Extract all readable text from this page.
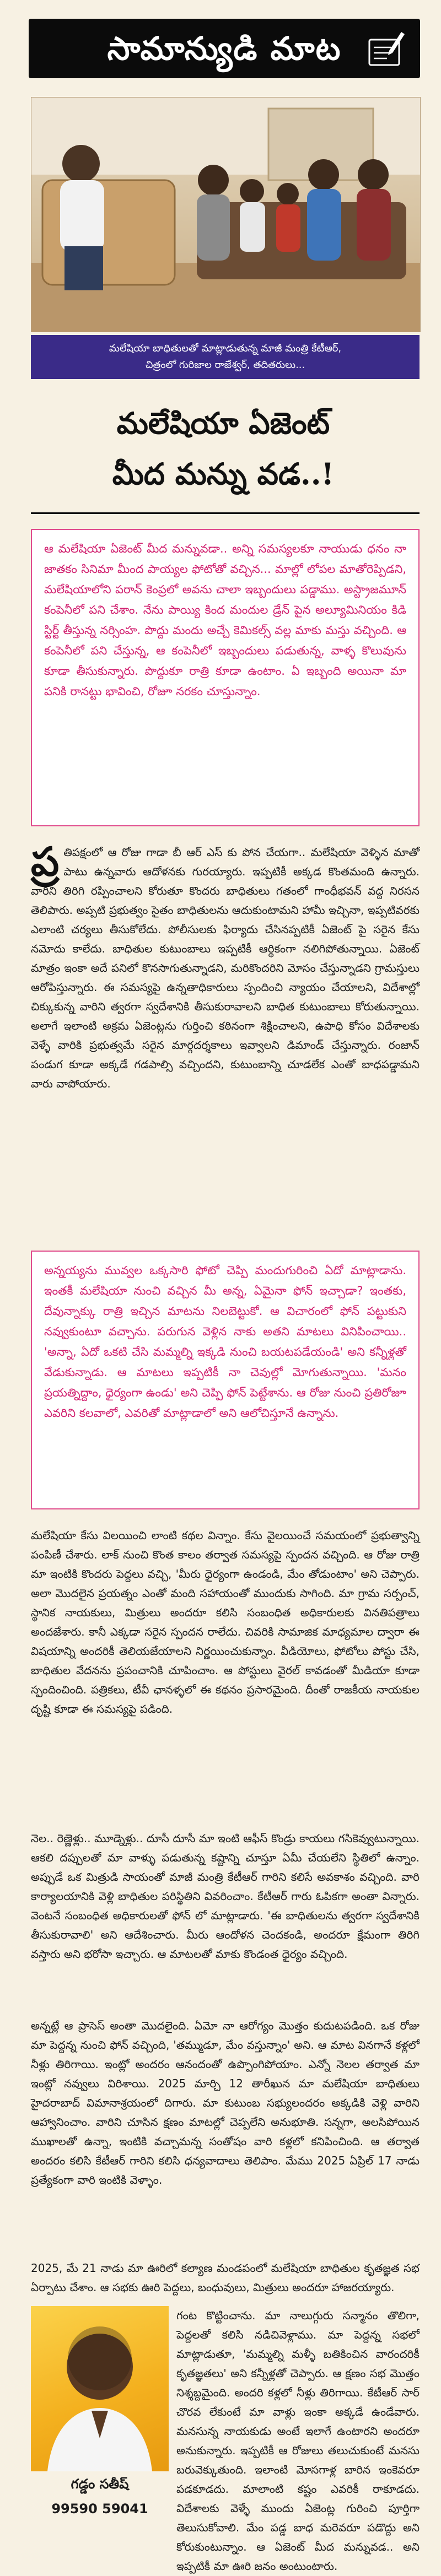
సామాన్యుడి మాట
మలేషియా బాధితులతో మాట్లాడుతున్న మాజీ మంత్రి కేటీఆర్,
చిత్రంలో గురిజాల రాజేశ్వర్, తదితరులు...
మలేషియా ఏజెంట్
మీద మన్ను వడ..!

ఆ మలేషియా ఏజెంట్ మీద మన్నువడా.. అన్ని సమస్యలకూ నాయుడు ధనం నా జాతకం సినిమా మీంద పాయ్యల ఫోటోతో వచ్చిన... మాల్లో లోపల మాతోరెప్పిడని, మలేషియాలోని పరాన్ కెంప్రలో అవను చాలా ఇబ్బందులు పడ్డాము. అస్ట్రాజమూన్ కంపెనీలో పని చేశాం. నేను పాయ్యి కింద మందుల డ్రేన్ పైన అల్యూమినియం కిడి స్టిర్ట్ తీస్తున్న నర్సింహ. పొద్దు మందు అచ్చే కెమికల్స్ వల్ల మాకు మస్తు వచ్చింది. ఆ కంపెనీలో పని చేస్తున్న, ఆ కంపెనీలో ఇబ్బందులు పడుతున్న, వాళ్ళ కొలువును కూడా తీసుకున్నారు. పొద్దుకూ రాత్రి కూడా ఉంటాం. ఏ ఇబ్బంది అయినా మా పనికి రానట్టు భావించి, రోజూ నరకం చూస్తున్నాం.

ప్ర తిపక్షంలో ఆ రోజు గాడా బీ ఆర్ ఎస్ కు పోన చేయగా.. మలేషియా వెళ్ళిన మాతో పాటు ఉన్నవారు ఆదోళనకు గురయ్యారు. ఇప్పటికీ అక్కడ కొంతమంది ఉన్నారు. వారిని తిరిగి రప్పించాలని కోరుతూ కొందరు బాధితులు గతంలో గాంధీభవన్ వద్ద నిరసన తెలిపారు. అప్పటి ప్రభుత్వం సైతం బాధితులను ఆదుకుంటామని హామీ ఇచ్చినా, ఇప్పటివరకు ఎలాంటి చర్యలు తీసుకోలేదు. పోలీసులకు ఫిర్యాదు చేసినప్పటికీ ఏజెంట్ పై సరైన కేసు నమోదు కాలేదు. బాధితుల కుటుంబాలు ఇప్పటికీ ఆర్థికంగా నలిగిపోతున్నాయి. ఏజెంట్ మాత్రం ఇంకా అదే పనిలో కొనసాగుతున్నాడని, మరికొందరిని మోసం చేస్తున్నాడని గ్రామస్తులు ఆరోపిస్తున్నారు. ఈ సమస్యపై ఉన్నతాధికారులు స్పందించి న్యాయం చేయాలని, విదేశాల్లో చిక్కుకున్న వారిని త్వరగా స్వదేశానికి తీసుకురావాలని బాధిత కుటుంబాలు కోరుతున్నాయి. అలాగే ఇలాంటి అక్రమ ఏజెంట్లను గుర్తించి కఠినంగా శిక్షించాలని, ఉపాధి కోసం విదేశాలకు వెళ్ళే వారికి ప్రభుత్వమే సరైన మార్గదర్శకాలు ఇవ్వాలని డిమాండ్ చేస్తున్నారు. రంజాన్ పండుగ కూడా అక్కడే గడపాల్సి వచ్చిందని, కుటుంబాన్ని చూడలేక ఎంతో బాధపడ్డామని వారు వాపోయారు.

అన్నయ్యను మువ్వల ఒక్కసారి ఫోటో చెప్పి మందుగురించి ఏదో మాట్లాడాను. ఇంతకీ మలేషియా నుంచి వచ్చిన మీ అన్న, ఏమైనా ఫోన్ ఇచ్చాడా? ఇంతకు, దేవున్నాక్కు రాత్రి ఇచ్చిన మాటను నిలబెట్టుకో. ఆ విచారంలో ఫోన్ పట్టుకుని నవ్వుకుంటూ వచ్చాను. పరుగున వెళ్లిన నాకు అతని మాటలు వినిపించాయి.. 'అన్నా, ఏదో ఒకటి చేసి మమ్మల్ని ఇక్కడి నుంచి బయటపడేయండి' అని కన్నీళ్లతో వేడుకున్నాడు. ఆ మాటలు ఇప్పటికీ నా చెవుల్లో మోగుతున్నాయి. 'మనం ప్రయత్నిద్దాం, ధైర్యంగా ఉండు' అని చెప్పి ఫోన్ పెట్టేశాను. ఆ రోజు నుంచి ప్రతిరోజూ ఎవరిని కలవాలో, ఎవరితో మాట్లాడాలో అని ఆలోచిస్తూనే ఉన్నాను.

మలేషియా కేసు విలయించి లాంటి కథల విన్నాం. కేసు వైలయించే సమయంలో ప్రభుత్వాన్ని పంపిణీ చేశారు. లాక్ నుంచి కొంత కాలం తర్వాత సమస్యపై స్పందన వచ్చింది. ఆ రోజు రాత్రి మా ఇంటికి కొందరు పెద్దలు వచ్చి, 'మీరు ధైర్యంగా ఉండండి, మేం తోడుంటాం' అని చెప్పారు. అలా మొదలైన ప్రయత్నం ఎంతో మంది సహాయంతో ముందుకు సాగింది. మా గ్రామ సర్పంచ్, స్థానిక నాయకులు, మిత్రులు అందరూ కలిసి సంబంధిత అధికారులకు వినతిపత్రాలు అందజేశారు. కానీ ఎక్కడా సరైన స్పందన రాలేదు. చివరికి సామాజిక మాధ్యమాల ద్వారా ఈ విషయాన్ని అందరికీ తెలియజేయాలని నిర్ణయించుకున్నాం. వీడియోలు, ఫోటోలు పోస్టు చేసి, బాధితుల వేదనను ప్రపంచానికి చూపించాం. ఆ పోస్టులు వైరల్ కావడంతో మీడియా కూడా స్పందించింది. పత్రికలు, టీవీ ఛానళ్ళలో ఈ కథనం ప్రసారమైంది. దీంతో రాజకీయ నాయకుల దృష్టి కూడా ఈ సమస్యపై పడింది.

నెల.. రెణ్ణెళ్లు.. మూడ్నెళ్లు.. దూసీ దూసీ మా ఇంటి ఆఫీస్ కొండ్రు కాయలు గసికెవ్వుటున్నాయి. ఆకలి దప్పులతో మా వాళ్ళు పడుతున్న కష్టాన్ని చూస్తూ ఏమీ చేయలేని స్థితిలో ఉన్నాం. అప్పుడే ఒక మిత్రుడి సాయంతో మాజీ మంత్రి కేటీఆర్ గారిని కలిసే అవకాశం వచ్చింది. వారి కార్యాలయానికి వెళ్లి బాధితుల పరిస్థితిని వివరించాం. కేటీఆర్ గారు ఓపికగా అంతా విన్నారు. వెంటనే సంబంధిత అధికారులతో ఫోన్ లో మాట్లాడారు. 'ఈ బాధితులను త్వరగా స్వదేశానికి తీసుకురావాలి' అని ఆదేశించారు. మీరు ఆందోళన చెందకండి, అందరూ క్షేమంగా తిరిగి వస్తారు అని భరోసా ఇచ్చారు. ఆ మాటలతో మాకు కొండంత ధైర్యం వచ్చింది.

అన్నట్లే ఆ ప్రాసెస్ అంతా మొదలైంది. ఏమో నా ఆరోగ్యం మొత్తం కుదుటపడింది. ఒక రోజు మా పెద్దన్న నుంచి ఫోన్ వచ్చింది, 'తమ్ముడూ, మేం వస్తున్నాం' అని. ఆ మాట వినగానే కళ్లలో నీళ్లు తిరిగాయి. ఇంట్లో అందరం ఆనందంతో ఉప్పొంగిపోయాం. ఎన్నో నెలల తర్వాత మా ఇంట్లో నవ్వులు విరిశాయి. 2025 మార్చి 12 తారీఖున మా మలేషియా బాధితులు హైదరాబాద్ విమానాశ్రయంలో దిగారు. మా కుటుంబ సభ్యులందరం అక్కడికి వెళ్లి వారిని ఆహ్వానించాం. వారిని చూసిన క్షణం మాటల్లో చెప్పలేని అనుభూతి. సన్నగా, అలసిపోయిన ముఖాలతో ఉన్నా, ఇంటికి వచ్చామన్న సంతోషం వారి కళ్లలో కనిపించింది. ఆ తర్వాత అందరం కలిసి కేటీఆర్ గారిని కలిసి ధన్యవాదాలు తెలిపాం. మేము 2025 ఏప్రిల్ 17 నాడు ప్రత్యేకంగా వారి ఇంటికి వెళ్ళాం.

2025, మే 21 నాడు మా ఊరిలో కల్యాణ మండపంలో మలేషియా బాధితుల కృతజ్ఞత సభ ఏర్పాటు చేశాం. ఆ సభకు ఊరి పెద్దలు, బంధువులు, మిత్రులు అందరూ హాజరయ్యారు.

గడ్డం సతీష్
99590 59041

గంట కొట్టించాను. మా నాలుగ్గురు సన్మానం తొలిగా, పెద్దలతో కలిసి నడిచివెళ్లాము. మా పెద్దన్న సభలో మాట్లాడుతూ, 'మమ్మల్ని మళ్ళీ బతికించిన వారందరికీ కృతజ్ఞతలు' అని కన్నీళ్లతో చెప్పారు. ఆ క్షణం సభ మొత్తం నిశ్శబ్దమైంది. అందరి కళ్లలో నీళ్లు తిరిగాయి. కేటీఆర్ సార్ చొరవ లేకుంటే మా వాళ్లు ఇంకా అక్కడే ఉండేవారు. మనసున్న నాయకుడు అంటే ఇలాగే ఉంటారని అందరూ అనుకున్నారు. ఇప్పటికీ ఆ రోజులు తలుచుకుంటే మనసు బరువెక్కుతుంది. ఇలాంటి మోసగాళ్ల బారిన ఇంకెవరూ పడకూడదు. మాలాంటి కష్టం ఎవరికీ రాకూడదు. విదేశాలకు వెళ్ళే ముందు ఏజెంట్ల గురించి పూర్తిగా తెలుసుకోవాలి. మేం పడ్డ బాధ మరెవరూ పడొద్దు అని కోరుకుంటున్నాం. ఆ ఏజెంట్ మీద మన్నువడ.. అని ఇప్పటికీ మా ఊరి జనం అంటుంటారు.
